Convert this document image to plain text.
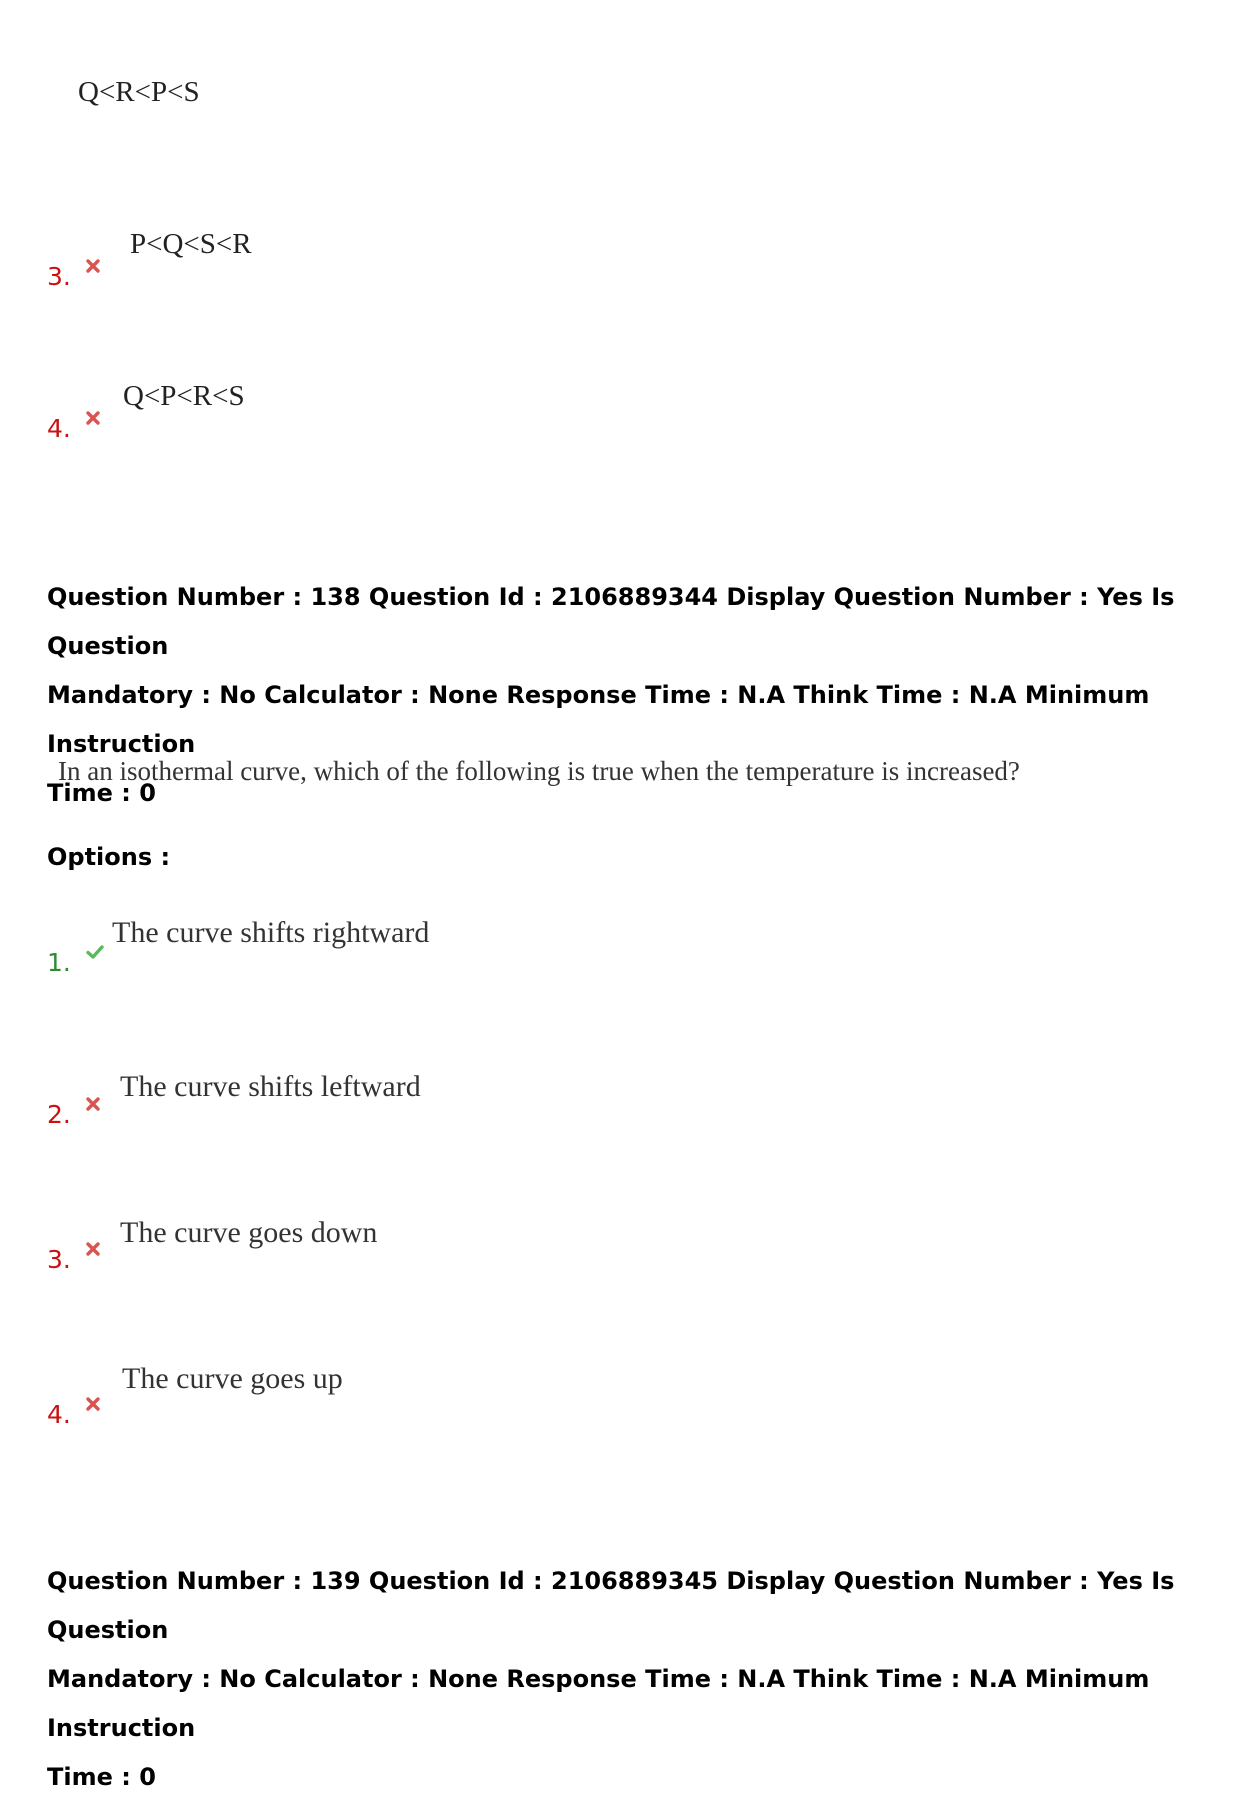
Q<R<P<S
P<Q<S<R
3.
Q<P<R<S
4.
Question Number : 138 Question Id : 2106889344 Display Question Number : Yes Is Question
Mandatory : No Calculator : None Response Time : N.A Think Time : N.A Minimum Instruction
Time : 0
In an isothermal curve, which of the following is true when the temperature is increased?
Options :
The curve shifts rightward
1.
The curve shifts leftward
2.
The curve goes down
3.
The curve goes up
4.
Question Number : 139 Question Id : 2106889345 Display Question Number : Yes Is Question
Mandatory : No Calculator : None Response Time : N.A Think Time : N.A Minimum Instruction
Time : 0
